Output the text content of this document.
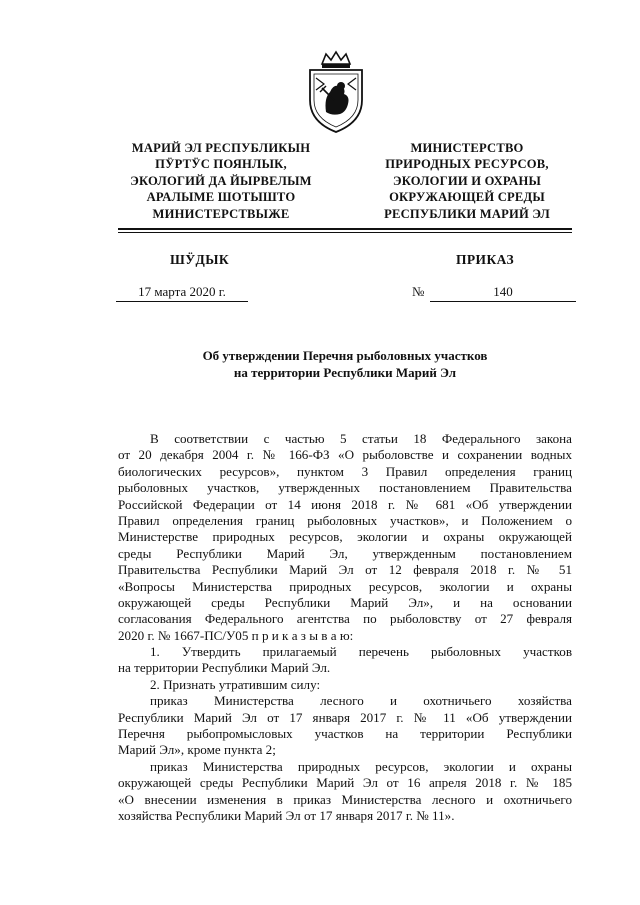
МАРИЙ ЭЛ РЕСПУБЛИКЫН
ПӰРТӰС ПОЯНЛЫК,
ЭКОЛОГИЙ ДА ЙЫРВЕЛЫМ
АРАЛЫМЕ ШОТЫШТО
МИНИСТЕРСТВЫЖЕ
МИНИСТЕРСТВО
ПРИРОДНЫХ РЕСУРСОВ,
ЭКОЛОГИИ И ОХРАНЫ
ОКРУЖАЮЩЕЙ СРЕДЫ
РЕСПУБЛИКИ МАРИЙ ЭЛ
ШӰДЫК	ПРИКАЗ
17 марта 2020 г.	№	140
Об утверждении Перечня рыболовных участков
на территории Республики Марий Эл
В соответствии с частью 5 статьи 18 Федерального закона
от 20 декабря 2004 г. № 166-ФЗ «О рыболовстве и сохранении водных
биологических ресурсов», пунктом 3 Правил определения границ
рыболовных участков, утвержденных постановлением Правительства
Российской Федерации от 14 июня 2018 г. № 681 «Об утверждении
Правил определения границ рыболовных участков», и Положением о
Министерстве природных ресурсов, экологии и охраны окружающей
среды Республики Марий Эл, утвержденным постановлением
Правительства Республики Марий Эл от 12 февраля 2018 г. № 51
«Вопросы Министерства природных ресурсов, экологии и охраны
окружающей среды Республики Марий Эл», и на основании
согласования Федерального агентства по рыболовству от 27 февраля
2020 г. № 1667-ПС/У05 п р и к а з ы в а ю:
1. Утвердить прилагаемый перечень рыболовных участков
на территории Республики Марий Эл.
2. Признать утратившим силу:
приказ Министерства лесного и охотничьего хозяйства
Республики Марий Эл от 17 января 2017 г. № 11 «Об утверждении
Перечня рыбопромысловых участков на территории Республики
Марий Эл», кроме пункта 2;
приказ Министерства природных ресурсов, экологии и охраны
окружающей среды Республики Марий Эл от 16 апреля 2018 г. № 185
«О внесении изменения в приказ Министерства лесного и охотничьего
хозяйства Республики Марий Эл от 17 января 2017 г. № 11».
